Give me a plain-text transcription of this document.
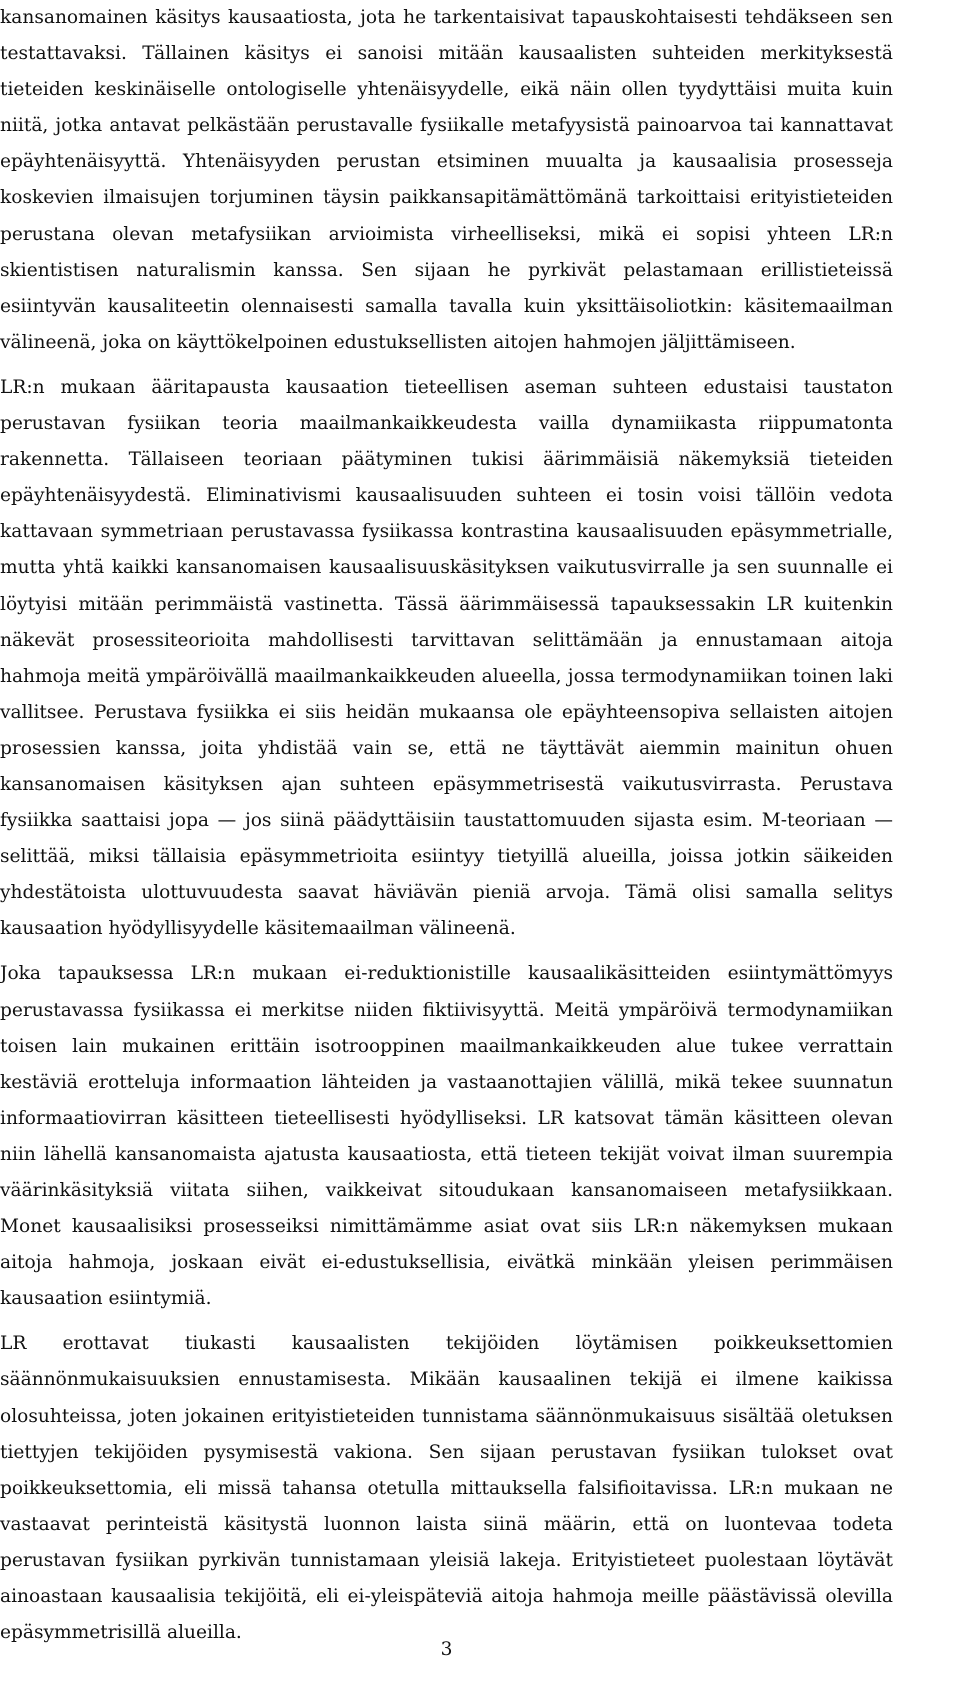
kansanomainen käsitys kausaatiosta, jota he tarkentaisivat tapauskohtaisesti tehdäkseen sen testattavaksi. Tällainen käsitys ei sanoisi mitään kausaalisten suhteiden merkityksestä tieteiden keskinäiselle ontologiselle yhtenäisyydelle, eikä näin ollen tyydyttäisi muita kuin niitä, jotka antavat pelkästään perustavalle fysiikalle metafyysistä painoarvoa tai kannattavat epäyhtenäisyyttä. Yhtenäisyyden perustan etsiminen muualta ja kausaalisia prosesseja koskevien ilmaisujen torjuminen täysin paikkansapitämättömänä tarkoittaisi erityistieteiden perustana olevan metafysiikan arvioimista virheelliseksi, mikä ei sopisi yhteen LR:n skientistisen naturalismin kanssa. Sen sijaan he pyrkivät pelastamaan erillistieteissä esiintyvän kausaliteetin olennaisesti samalla tavalla kuin yksittäisoliotkin: käsitemaailman välineenä, joka on käyttökelpoinen edustuksellisten aitojen hahmojen jäljittämiseen.

LR:n mukaan ääritapausta kausaation tieteellisen aseman suhteen edustaisi taustaton perustavan fysiikan teoria maailmankaikkeudesta vailla dynamiikasta riippumatonta rakennetta. Tällaiseen teoriaan päätyminen tukisi äärimmäisiä näkemyksiä tieteiden epäyhtenäisyydestä. Eliminativismi kausaalisuuden suhteen ei tosin voisi tällöin vedota kattavaan symmetriaan perustavassa fysiikassa kontrastina kausaalisuuden epäsymmetrialle, mutta yhtä kaikki kansanomaisen kausaalisuuskäsityksen vaikutusvirralle ja sen suunnalle ei löytyisi mitään perimmäistä vastinetta. Tässä äärimmäisessä tapauksessakin LR kuitenkin näkevät prosessiteorioita mahdollisesti tarvittavan selittämään ja ennustamaan aitoja hahmoja meitä ympäröivällä maailmankaikkeuden alueella, jossa termodynamiikan toinen laki vallitsee. Perustava fysiikka ei siis heidän mukaansa ole epäyhteensopiva sellaisten aitojen prosessien kanssa, joita yhdistää vain se, että ne täyttävät aiemmin mainitun ohuen kansanomaisen käsityksen ajan suhteen epäsymmetrisestä vaikutusvirrasta. Perustava fysiikka saattaisi jopa — jos siinä päädyttäisiin taustattomuuden sijasta esim. M-teoriaan — selittää, miksi tällaisia epäsymmetrioita esiintyy tietyillä alueilla, joissa jotkin säikeiden yhdestätoista ulottuvuudesta saavat häviävän pieniä arvoja. Tämä olisi samalla selitys kausaation hyödyllisyydelle käsitemaailman välineenä.

Joka tapauksessa LR:n mukaan ei-reduktionistille kausaalikäsitteiden esiintymättömyys perustavassa fysiikassa ei merkitse niiden fiktiivisyyttä. Meitä ympäröivä termodynamiikan toisen lain mukainen erittäin isotrooppinen maailmankaikkeuden alue tukee verrattain kestäviä erotteluja informaation lähteiden ja vastaanottajien välillä, mikä tekee suunnatun informaatiovirran käsitteen tieteellisesti hyödylliseksi. LR katsovat tämän käsitteen olevan niin lähellä kansanomaista ajatusta kausaatiosta, että tieteen tekijät voivat ilman suurempia väärinkäsityksiä viitata siihen, vaikkeivat sitoudukaan kansanomaiseen metafysiikkaan. Monet kausaalisiksi prosesseiksi nimittämämme asiat ovat siis LR:n näkemyksen mukaan aitoja hahmoja, joskaan eivät ei-edustuksellisia, eivätkä minkään yleisen perimmäisen kausaation esiintymiä.

LR erottavat tiukasti kausaalisten tekijöiden löytämisen poikkeuksettomien säännönmukaisuuksien ennustamisesta. Mikään kausaalinen tekijä ei ilmene kaikissa olosuhteissa, joten jokainen erityistieteiden tunnistama säännönmukaisuus sisältää oletuksen tiettyjen tekijöiden pysymisestä vakiona. Sen sijaan perustavan fysiikan tulokset ovat poikkeuksettomia, eli missä tahansa otetulla mittauksella falsifioitavissa. LR:n mukaan ne vastaavat perinteistä käsitystä luonnon laista siinä määrin, että on luontevaa todeta perustavan fysiikan pyrkivän tunnistamaan yleisiä lakeja. Erityistieteet puolestaan löytävät ainoastaan kausaalisia tekijöitä, eli ei-yleispäteviä aitoja hahmoja meille päästävissä olevilla epäsymmetrisillä alueilla.

3
